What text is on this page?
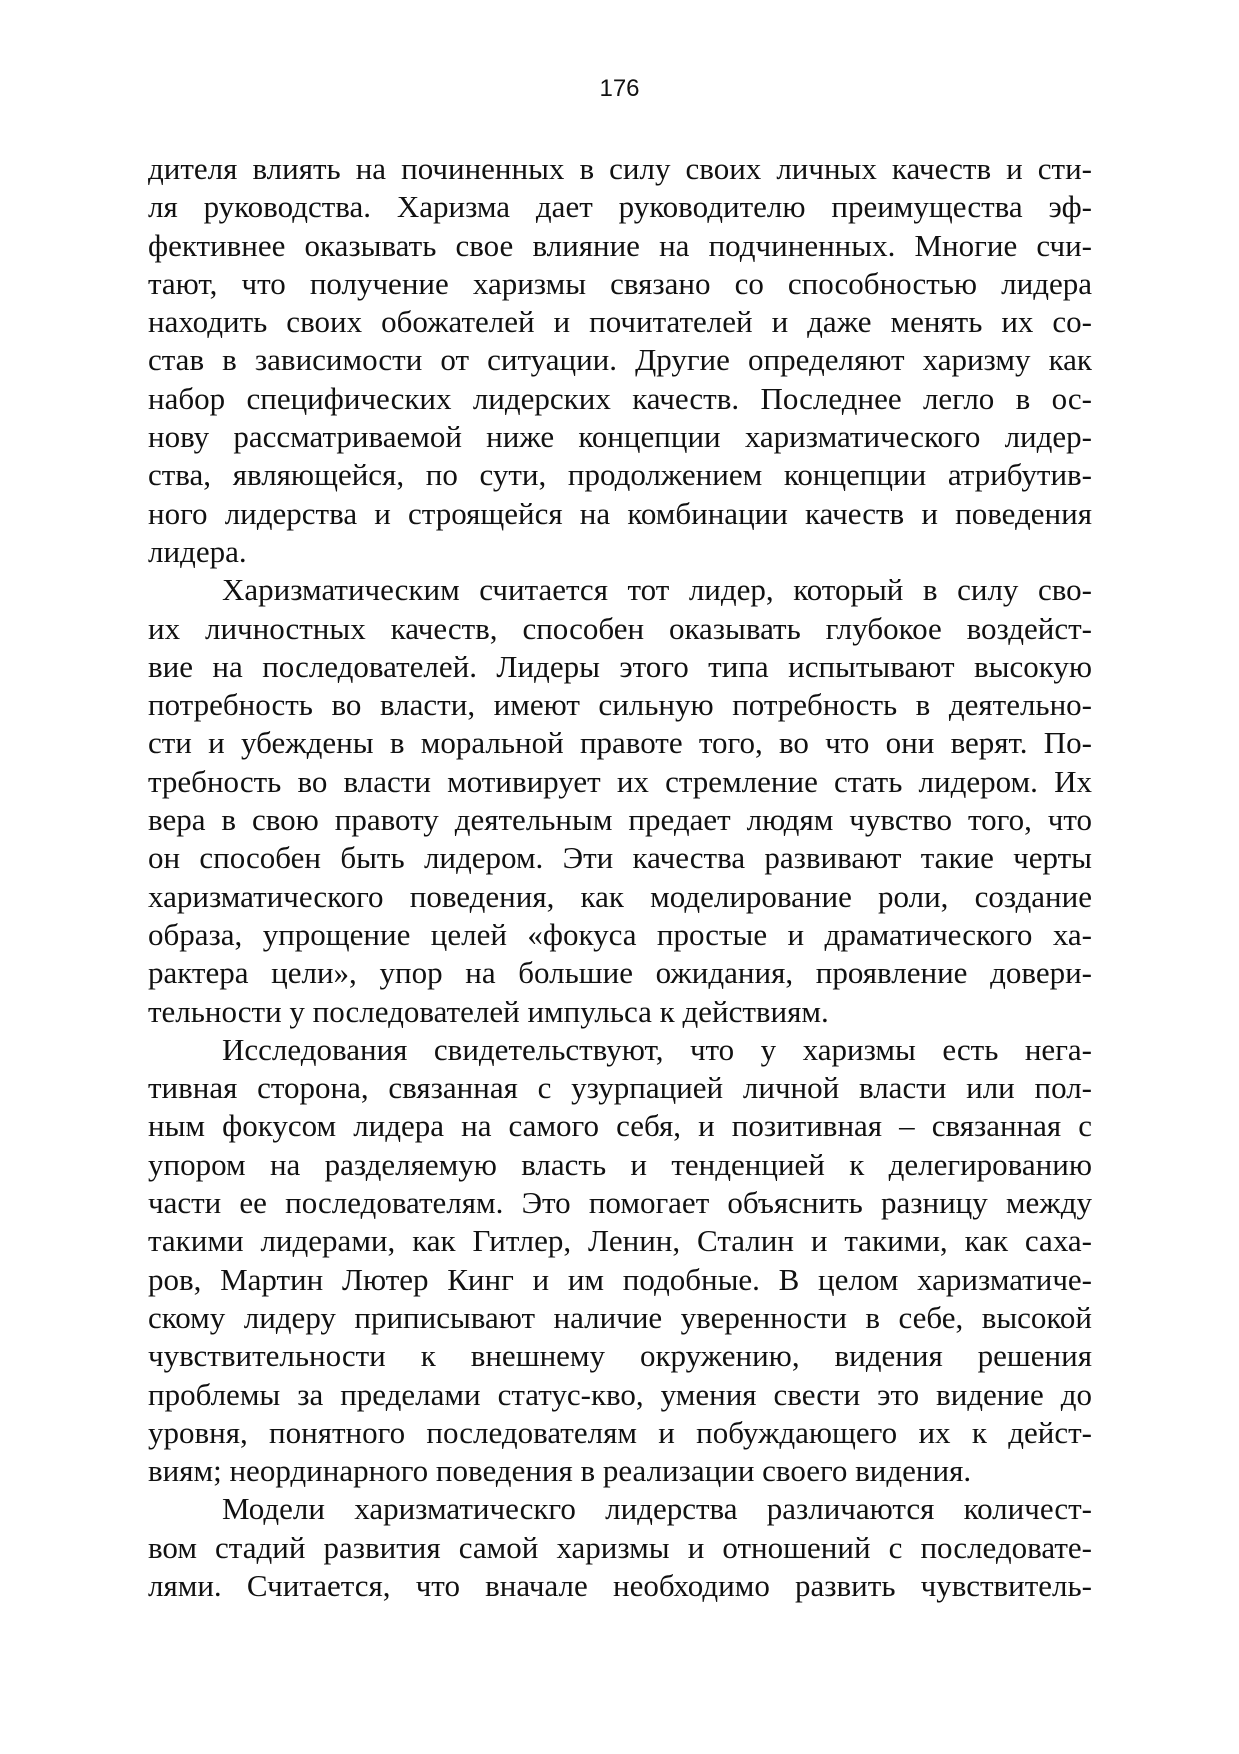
176
дителя влиять на починенных в силу своих личных качеств и сти-
ля руководства. Харизма дает руководителю преимущества эф-
фективнее оказывать свое влияние на подчиненных. Многие счи-
тают, что получение харизмы связано со способностью лидера
находить своих обожателей и почитателей и даже менять их со-
став в зависимости от ситуации. Другие определяют харизму как
набор специфических лидерских качеств. Последнее легло в ос-
нову рассматриваемой ниже концепции харизматического лидер-
ства, являющейся, по сути, продолжением концепции атрибутив-
ного лидерства и строящейся на комбинации качеств и поведения
лидера.
Харизматическим считается тот лидер, который в силу сво-
их личностных качеств, способен оказывать глубокое воздейст-
вие на последователей. Лидеры этого типа испытывают высокую
потребность во власти, имеют сильную потребность в деятельно-
сти и убеждены в моральной правоте того, во что они верят. По-
требность во власти мотивирует их стремление стать лидером. Их
вера в свою правоту деятельным предает людям чувство того, что
он способен быть лидером. Эти качества развивают такие черты
харизматического поведения, как моделирование роли, создание
образа, упрощение целей «фокуса простые и драматического ха-
рактера цели», упор на большие ожидания, проявление довери-
тельности у последователей импульса к действиям.
Исследования свидетельствуют, что у харизмы есть нега-
тивная сторона, связанная с узурпацией личной власти или пол-
ным фокусом лидера на самого себя, и позитивная – связанная с
упором на разделяемую власть и тенденцией к делегированию
части ее последователям. Это помогает объяснить разницу между
такими лидерами, как Гитлер, Ленин, Сталин и такими, как саха-
ров, Мартин Лютер Кинг и им подобные. В целом харизматиче-
скому лидеру приписывают наличие уверенности в себе, высокой
чувствительности к внешнему окружению, видения решения
проблемы за пределами статус-кво, умения свести это видение до
уровня, понятного последователям и побуждающего их к дейст-
виям; неординарного поведения в реализации своего видения.
Модели харизматическго лидерства различаются количест-
вом стадий развития самой харизмы и отношений с последовате-
лями. Считается, что вначале необходимо развить чувствитель-
